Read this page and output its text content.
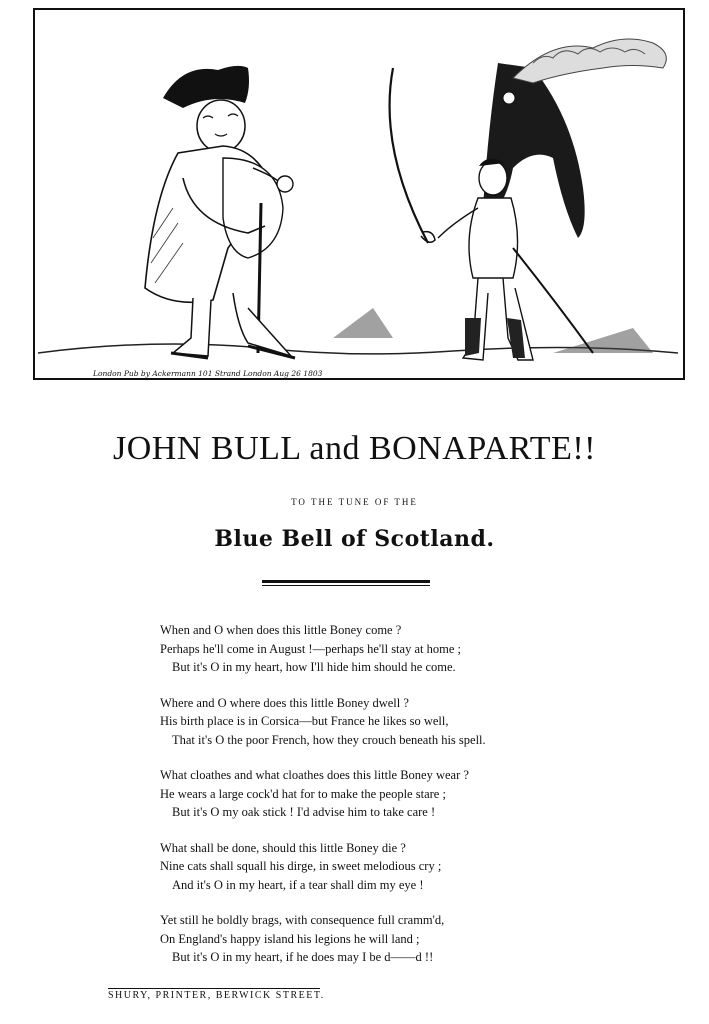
London Pub by Ackermann 101 Strand London Aug 26 1803
JOHN BULL and BONAPARTE!!
TO THE TUNE OF THE
Blue Bell of Scotland.
When and O when does this little Boney come ?
Perhaps he'll come in August !—perhaps he'll stay at home ;
But it's O in my heart, how I'll hide him should he come.
Where and O where does this little Boney dwell ?
His birth place is in Corsica—but France he likes so well,
That it's O the poor French, how they crouch beneath his spell.
What cloathes and what cloathes does this little Boney wear ?
He wears a large cock'd hat for to make the people stare ;
But it's O my oak stick ! I'd advise him to take care !
What shall be done, should this little Boney die ?
Nine cats shall squall his dirge, in sweet melodious cry ;
And it's O in my heart, if a tear shall dim my eye !
Yet still he boldly brags, with consequence full cramm'd,
On England's happy island his legions he will land ;
But it's O in my heart, if he does may I be d——d !!
SHURY, PRINTER, BERWICK STREET.
